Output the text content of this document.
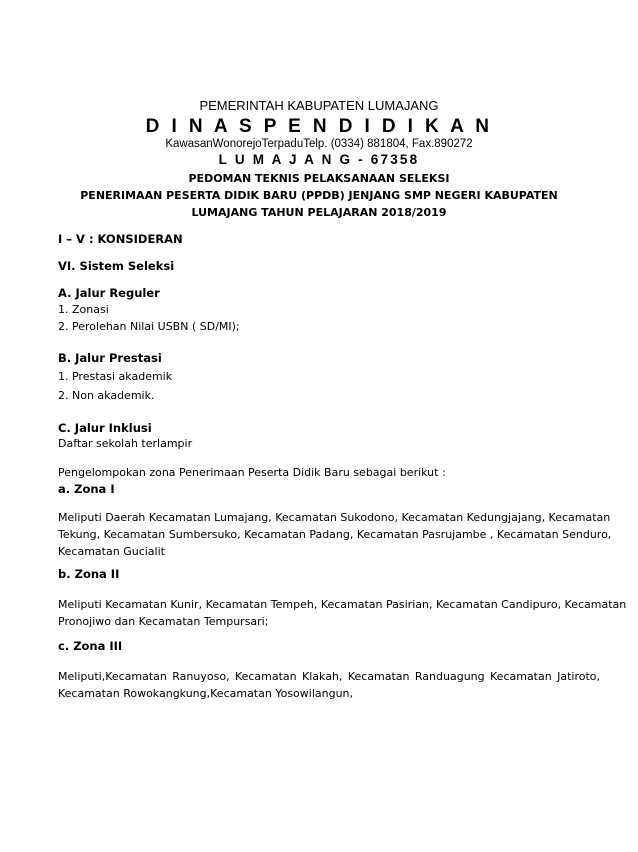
PEMERINTAH KABUPATEN LUMAJANG
D I N A S P E N D I D I K A N
KawasanWonorejoTerpaduTelp. (0334) 881804, Fax.890272
L U M A J A N G - 67358
PEDOMAN TEKNIS PELAKSANAAN SELEKSI
PENERIMAAN PESERTA DIDIK BARU (PPDB) JENJANG SMP NEGERI KABUPATEN
LUMAJANG TAHUN PELAJARAN 2018/2019
I – V : KONSIDERAN
VI. Sistem Seleksi
A. Jalur Reguler
1. Zonasi
2. Perolehan Nilai USBN ( SD/MI);
B. Jalur Prestasi
1. Prestasi akademik
2. Non akademik.
C. Jalur Inklusi
Daftar sekolah terlampir
Pengelompokan zona Penerimaan Peserta Didik Baru sebagai berikut :
a. Zona I
Meliputi Daerah Kecamatan Lumajang, Kecamatan Sukodono, Kecamatan Kedungjajang, Kecamatan
Tekung, Kecamatan Sumbersuko, Kecamatan Padang, Kecamatan Pasrujambe , Kecamatan Senduro,
Kecamatan Gucialit
b. Zona II
Meliputi Kecamatan Kunir, Kecamatan Tempeh, Kecamatan Pasirian, Kecamatan Candipuro, Kecamatan
Pronojiwo dan Kecamatan Tempursari;
c. Zona III
Meliputi,Kecamatan Ranuyoso, Kecamatan Klakah, Kecamatan Randuagung Kecamatan Jatiroto,
Kecamatan Rowokangkung,Kecamatan Yosowilangun,
